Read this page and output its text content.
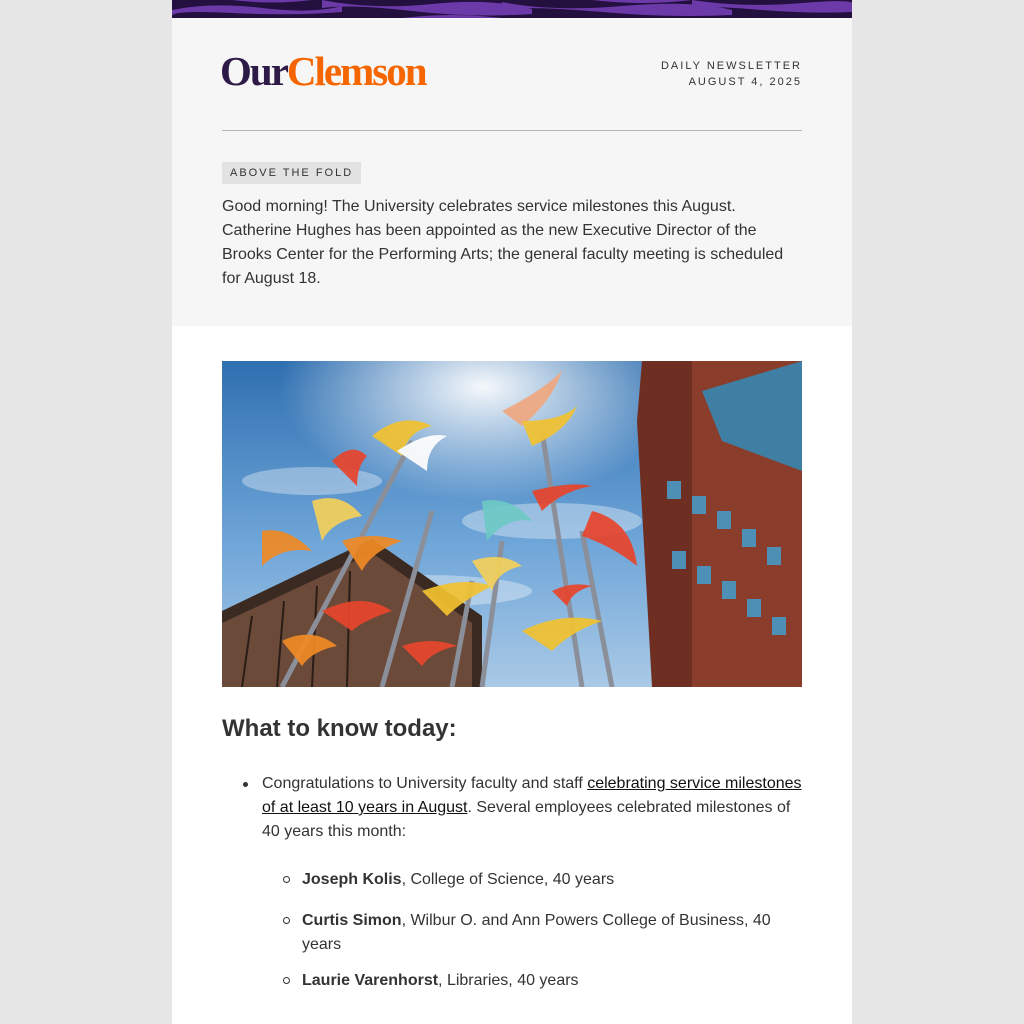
OurClemson	DAILY NEWSLETTER
AUGUST 4, 2025
ABOVE THE FOLD

Good morning! The University celebrates service milestones this August. Catherine Hughes has been appointed as the new Executive Director of the Brooks Center for the Performing Arts; the general faculty meeting is scheduled for August 18.

What to know today:
Congratulations to University faculty and staff celebrating service milestones of at least 10 years in August. Several employees celebrated milestones of 40 years this month:
Joseph Kolis, College of Science, 40 years
Curtis Simon, Wilbur O. and Ann Powers College of Business, 40 years
Laurie Varenhorst, Libraries, 40 years
